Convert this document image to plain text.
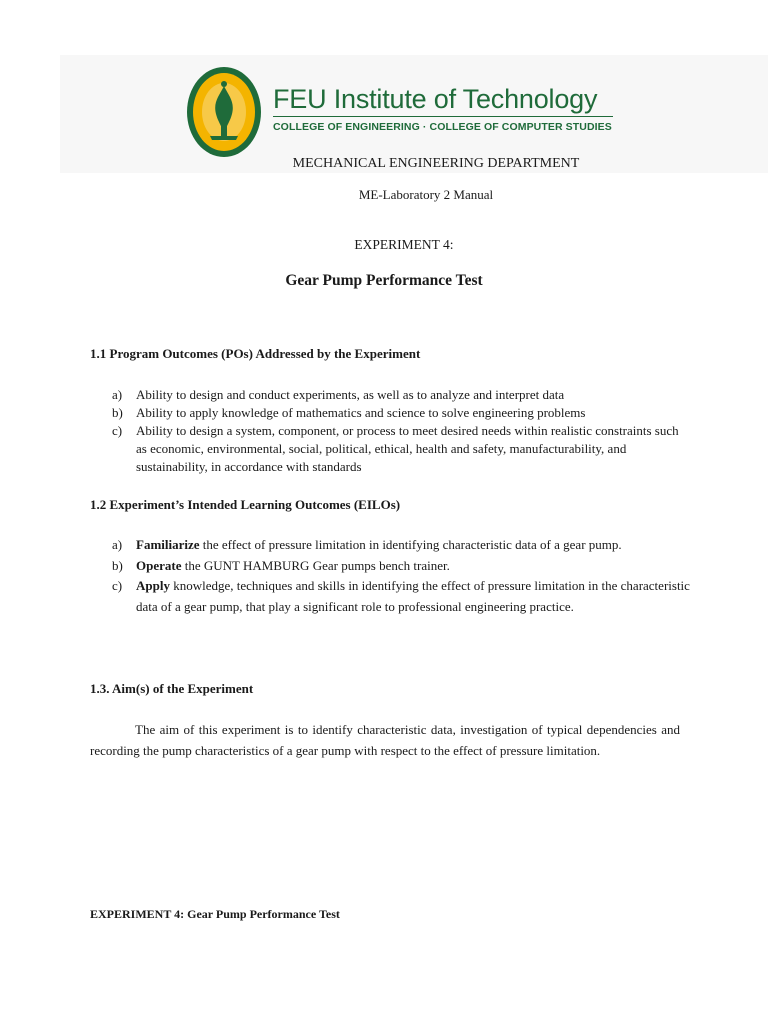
FEU Institute of Technology
COLLEGE OF ENGINEERING · COLLEGE OF COMPUTER STUDIES
MECHANICAL ENGINEERING DEPARTMENT
ME-Laboratory 2 Manual
EXPERIMENT 4:
Gear Pump Performance Test
1.1 Program Outcomes (POs) Addressed by the Experiment
a) Ability to design and conduct experiments, as well as to analyze and interpret data
b) Ability to apply knowledge of mathematics and science to solve engineering problems
c) Ability to design a system, component, or process to meet desired needs within realistic constraints such as economic, environmental, social, political, ethical, health and safety, manufacturability, and sustainability, in accordance with standards
1.2 Experiment’s Intended Learning Outcomes (EILOs)
a) Familiarize the effect of pressure limitation in identifying characteristic data of a gear pump.
b) Operate the GUNT HAMBURG Gear pumps bench trainer.
c) Apply knowledge, techniques and skills in identifying the effect of pressure limitation in the characteristic data of a gear pump, that play a significant role to professional engineering practice.
1.3. Aim(s) of the Experiment

The aim of this experiment is to identify characteristic data, investigation of typical dependencies and recording the pump characteristics of a gear pump with respect to the effect of pressure limitation.

EXPERIMENT 4: Gear Pump Performance Test
